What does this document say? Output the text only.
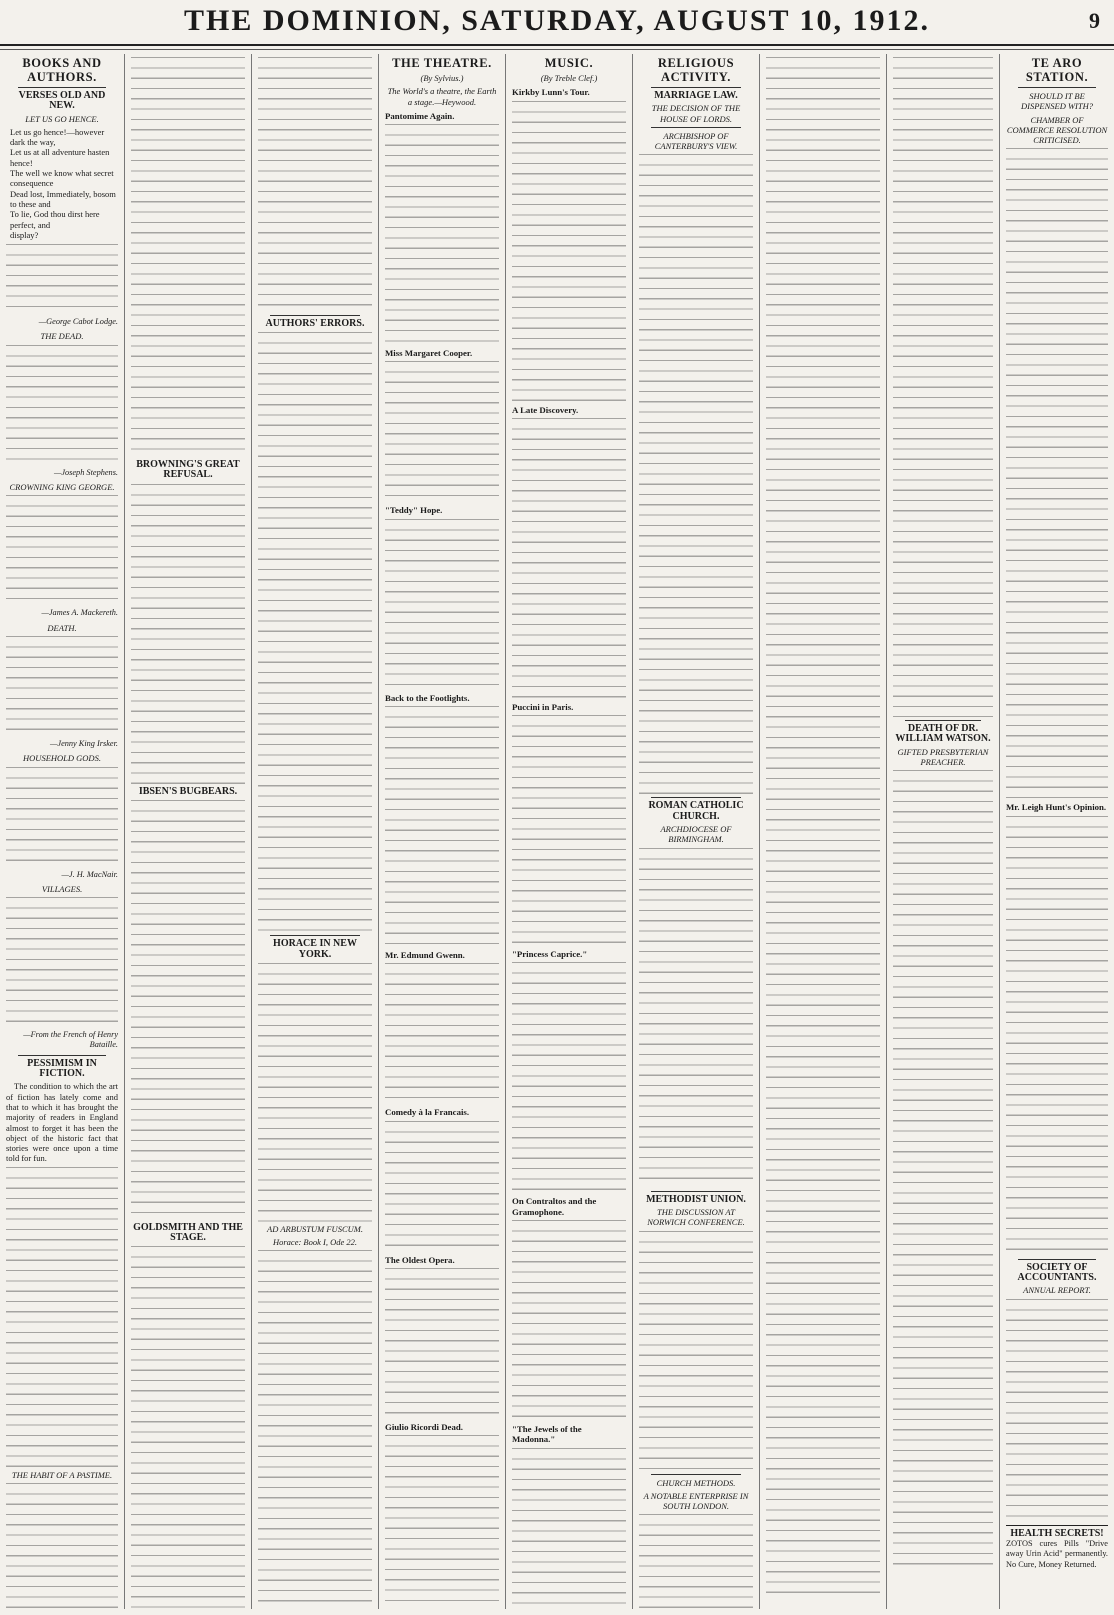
THE DOMINION, SATURDAY, AUGUST 10, 1912.	9
BOOKS AND AUTHORS.
VERSES OLD AND NEW.
LET US GO HENCE.

Let us go hence!—however dark the way,

Let us at all adventure hasten hence!

The well we know what secret consequence

Dead lost, Immediately, bosom to these and

To lie, God thou dirst here perfect, and

display?

—George Cabot Lodge.
THE DEAD.
—Joseph Stephens.
CROWNING KING GEORGE.
—James A. Mackereth.
DEATH.
—Jenny King Irsker.
HOUSEHOLD GODS.
—J. H. MacNair.
VILLAGES.
—From the French of Henry Bataille.
PESSIMISM IN FICTION.

The condition to which the art of fiction has lately come and that to which it has brought the majority of readers in England almost to forget it has been the object of the historic fact that stories were once upon a time told for fun.

THE HABIT OF A PASTIME.
BROWNING'S GREAT REFUSAL.
IBSEN'S BUGBEARS.
GOLDSMITH AND THE STAGE.
AUTHORS' ERRORS.
HORACE IN NEW YORK.
AD ARBUSTUM FUSCUM.
Horace: Book I, Ode 22.
THE THEATRE.
(By Sylvius.)
The World's a theatre, the Earth a stage.—Heywood.
Pantomime Again.
Miss Margaret Cooper.
"Teddy" Hope.
Back to the Footlights.
Mr. Edmund Gwenn.
Comedy à la Francais.
The Oldest Opera.
Giulio Ricordi Dead.
MUSIC.
(By Treble Clef.)
Kirkby Lunn's Tour.
A Late Discovery.
Puccini in Paris.
"Princess Caprice."
On Contraltos and the Gramophone.
"The Jewels of the Madonna."
RELIGIOUS ACTIVITY.
MARRIAGE LAW.
THE DECISION OF THE HOUSE OF LORDS.
ARCHBISHOP OF CANTERBURY'S VIEW.
ROMAN CATHOLIC CHURCH.
ARCHDIOCESE OF BIRMINGHAM.
METHODIST UNION.
THE DISCUSSION AT NORWICH CONFERENCE.
CHURCH METHODS.
A NOTABLE ENTERPRISE IN SOUTH LONDON.
DEATH OF DR. WILLIAM WATSON.
GIFTED PRESBYTERIAN PREACHER.
TE ARO STATION.
SHOULD IT BE DISPENSED WITH?
CHAMBER OF COMMERCE RESOLUTION CRITICISED.
Mr. Leigh Hunt's Opinion.
SOCIETY OF ACCOUNTANTS.
ANNUAL REPORT.
HEALTH SECRETS!
ZOTOS cures Pills "Drive away Urin Acid" permanently. No Cure, Money Returned.
